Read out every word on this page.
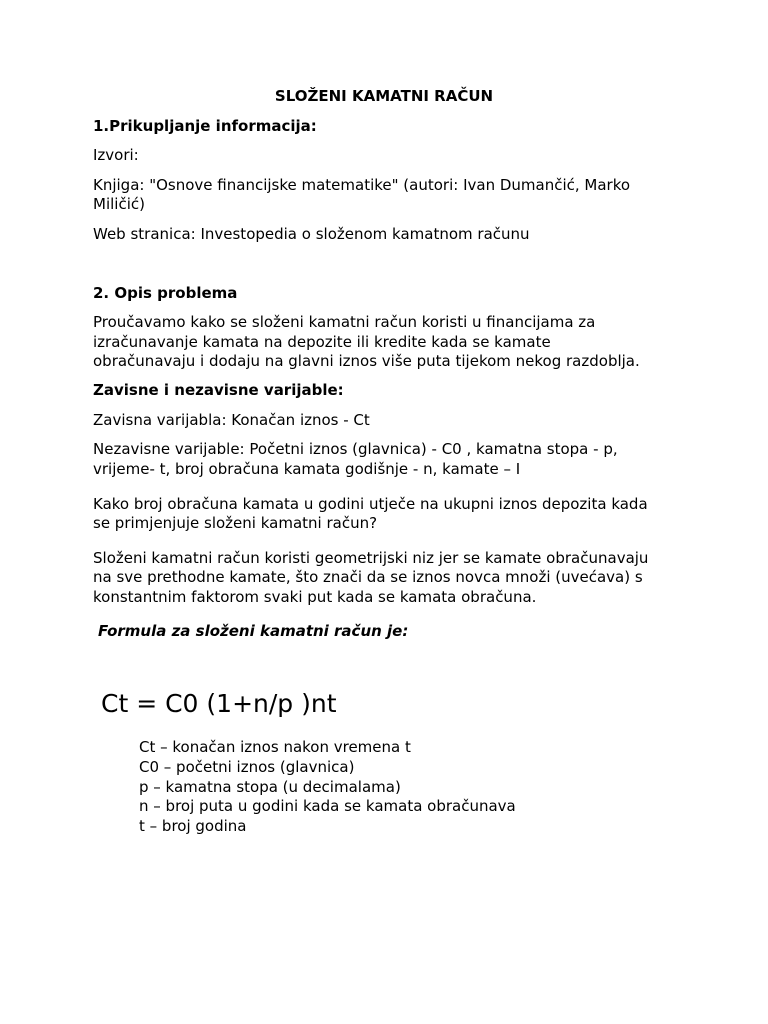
SLOŽENI KAMATNI RAČUN
1.Prikupljanje informacija:
Izvori:
Knjiga: "Osnove financijske matematike" (autori: Ivan Dumančić, Marko
Miličić)
Web stranica: Investopedia o složenom kamatnom računu
2. Opis problema
Proučavamo kako se složeni kamatni račun koristi u financijama za
izračunavanje kamata na depozite ili kredite kada se kamate
obračunavaju i dodaju na glavni iznos više puta tijekom nekog razdoblja.
Zavisne i nezavisne varijable:
Zavisna varijabla: Konačan iznos - Ct
Nezavisne varijable: Početni iznos (glavnica) - C0 , kamatna stopa - p,
vrijeme- t, broj obračuna kamata godišnje - n, kamate – I
Kako broj obračuna kamata u godini utječe na ukupni iznos depozita kada
se primjenjuje složeni kamatni račun?
Složeni kamatni račun koristi geometrijski niz jer se kamate obračunavaju
na sve prethodne kamate, što znači da se iznos novca množi (uvećava) s
konstantnim faktorom svaki put kada se kamata obračuna.
Formula za složeni kamatni račun je:
Ct = C0 (1+n/p )nt
Ct – konačan iznos nakon vremena t
C0 – početni iznos (glavnica)
p – kamatna stopa (u decimalama)
n – broj puta u godini kada se kamata obračunava
t – broj godina
